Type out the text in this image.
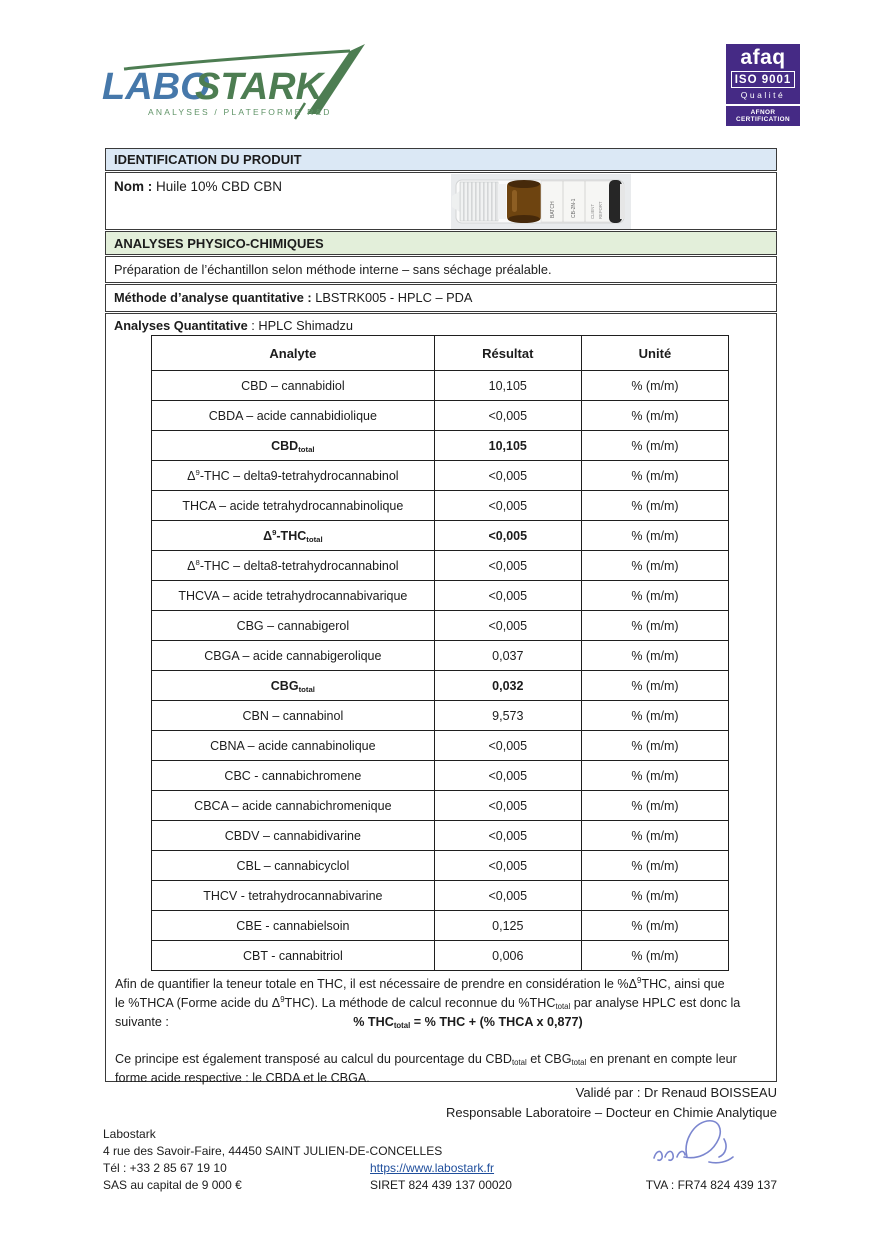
LABO
STARK
ANALYSES / PLATEFORME R&D
afaq
ISO 9001
Qualité
AFNOR CERTIFICATION
IDENTIFICATION DU PRODUIT
Nom : Huile 10% CBD CBN
BATCH	CB-2N-1	CLIENT REPORT
ANALYSES PHYSICO-CHIMIQUES
Préparation de l’échantillon selon méthode interne – sans séchage préalable.
Méthode d’analyse quantitative : LBSTRK005 - HPLC – PDA
Analyses Quantitative : HPLC Shimadzu
Analyte	Résultat	Unité
CBD – cannabidiol	10,105	% (m/m)
CBDA – acide cannabidiolique	<0,005	% (m/m)
$CBD_{total}$	10,105	% (m/m)
$\Delta^9$-THC – delta9-tetrahydrocannabinol	<0,005	% (m/m)
THCA – acide tetrahydrocannabinolique	<0,005	% (m/m)
$\Delta^9-THC_{total}$	<0,005	% (m/m)
$\Delta^8$-THC – delta8-tetrahydrocannabinol	<0,005	% (m/m)
THCVA – acide tetrahydrocannabivarique	<0,005	% (m/m)
CBG – cannabigerol	<0,005	% (m/m)
CBGA – acide cannabigerolique	0,037	% (m/m)
$CBG_{total}$	0,032	% (m/m)
CBN – cannabinol	9,573	% (m/m)
CBNA – acide cannabinolique	<0,005	% (m/m)
CBC - cannabichromene	<0,005	% (m/m)
CBCA – acide cannabichromenique	<0,005	% (m/m)
CBDV – cannabidivarine	<0,005	% (m/m)
CBL – cannabicyclol	<0,005	% (m/m)
THCV - tetrahydrocannabivarine	<0,005	% (m/m)
CBE - cannabielsoin	0,125	% (m/m)
CBT - cannabitriol	0,006	% (m/m)
Afin de quantifier la teneur totale en THC, il est nécessaire de prendre en considération le $\%\Delta^9THC$, ainsi que
le %THCA (Forme acide du $\Delta^9THC$). La méthode de calcul reconnue du $\%THC_{total}$ par analyse HPLC est donc la
suivante :	% $THC_{total}$ = % THC + (% THCA x 0,877)
Ce principe est également transposé au calcul du pourcentage du $CBD_{total}$ et $CBG_{total}$ en prenant en compte leur forme acide respective : le CBDA et le CBGA.
Validé par : Dr Renaud BOISSEAU
Responsable Laboratoire – Docteur en Chimie Analytique
Labostark
4 rue des Savoir-Faire, 44450 SAINT JULIEN-DE-CONCELLES
Tél : +33 2 85 67 19 10	https://www.labostark.fr
SAS au capital de 9 000 €	SIRET 824 439 137 00020	TVA : FR74 824 439 137
